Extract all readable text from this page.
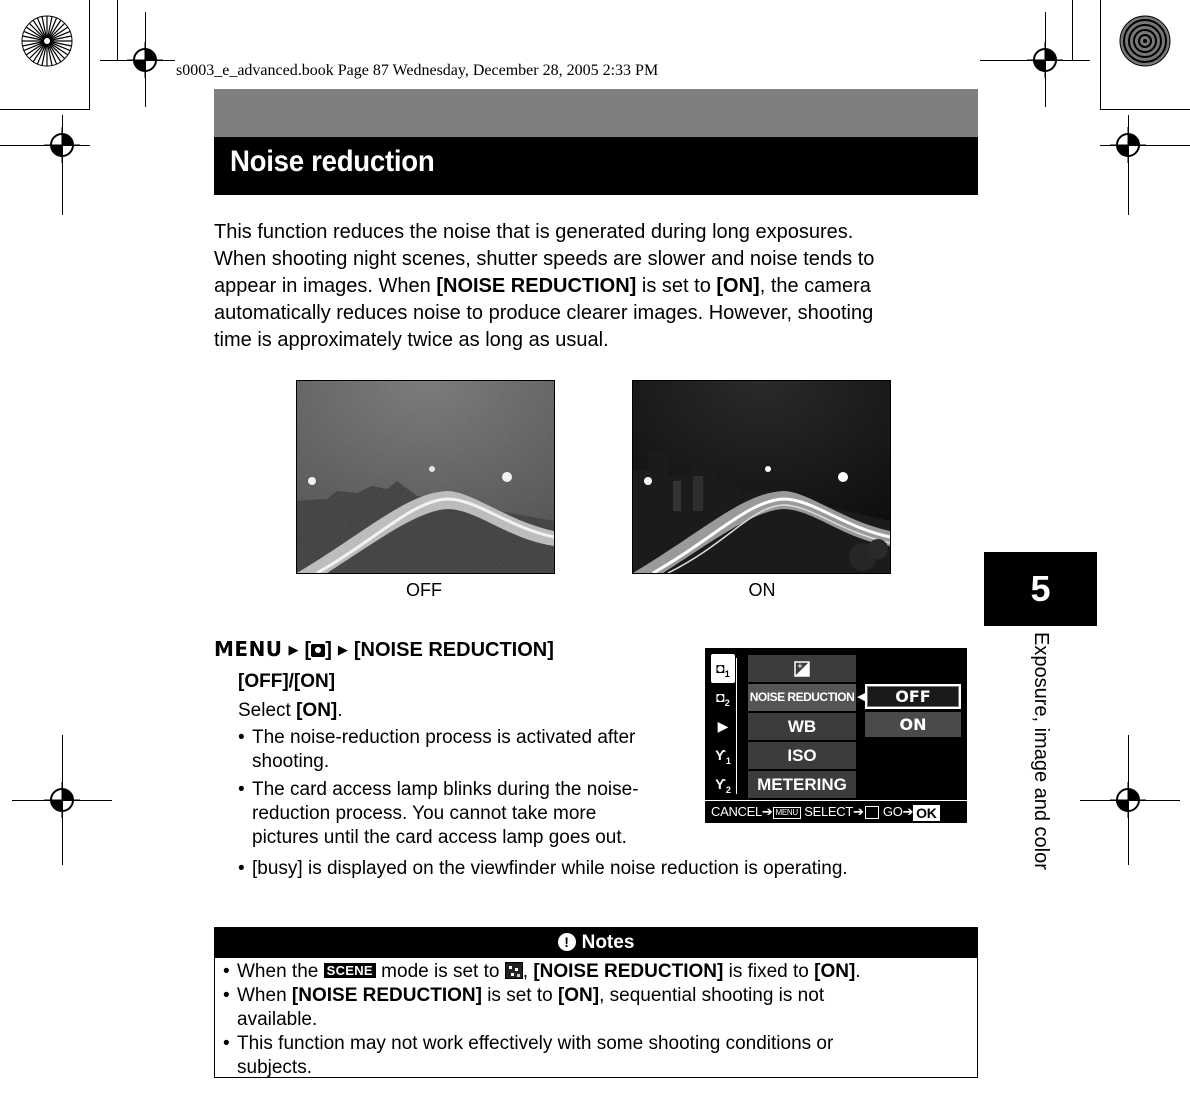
s0003_e_advanced.book Page 87 Wednesday, December 28, 2005 2:33 PM
Noise reduction
This function reduces the noise that is generated during long exposures.
When shooting night scenes, shutter speeds are slower and noise tends to
appear in images. When [NOISE REDUCTION] is set to [ON], the camera
automatically reduces noise to produce clearer images. However, shooting
time is approximately twice as long as usual.
OFF	ON
MENU ▶ [ ] ▶ [NOISE REDUCTION]
[OFF]/[ON]
Select [ON].
• The noise-reduction process is activated after
shooting.
• The card access lamp blinks during the noise-
reduction process. You cannot take more
pictures until the card access lamp goes out.
• [busy] is displayed on the viewfinder while noise reduction is operating.
$◘_1$
$◘_2$
▶
$ϒ_1$
$ϒ_2$
+
NOISE REDUCTION
WB
ISO
METERING
◀	OFF
ON
CANCEL➔ MENU SELECT➔ GO➔ OK
5
Exposure, image and color
! Notes
• When the SCENE mode is set to , [NOISE REDUCTION] is fixed to [ON].
• When [NOISE REDUCTION] is set to [ON], sequential shooting is not
available.
• This function may not work effectively with some shooting conditions or
subjects.
